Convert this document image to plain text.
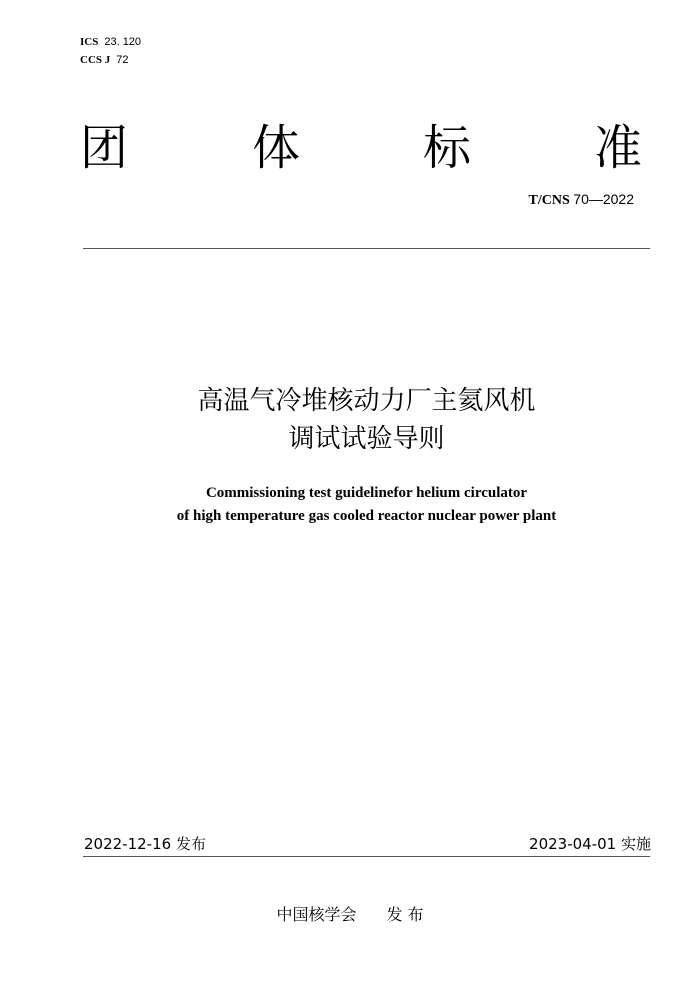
ICS 23. 120
CCS J 72
团	体	标	准
T/CNS 70—2022
高温气冷堆核动力厂主氦风机
调试试验导则
Commissioning test guidelinefor helium circulator
of high temperature gas cooled reactor nuclear power plant
2022-12-16 发布	2023-04-01 实施
中国核学会 发 布
